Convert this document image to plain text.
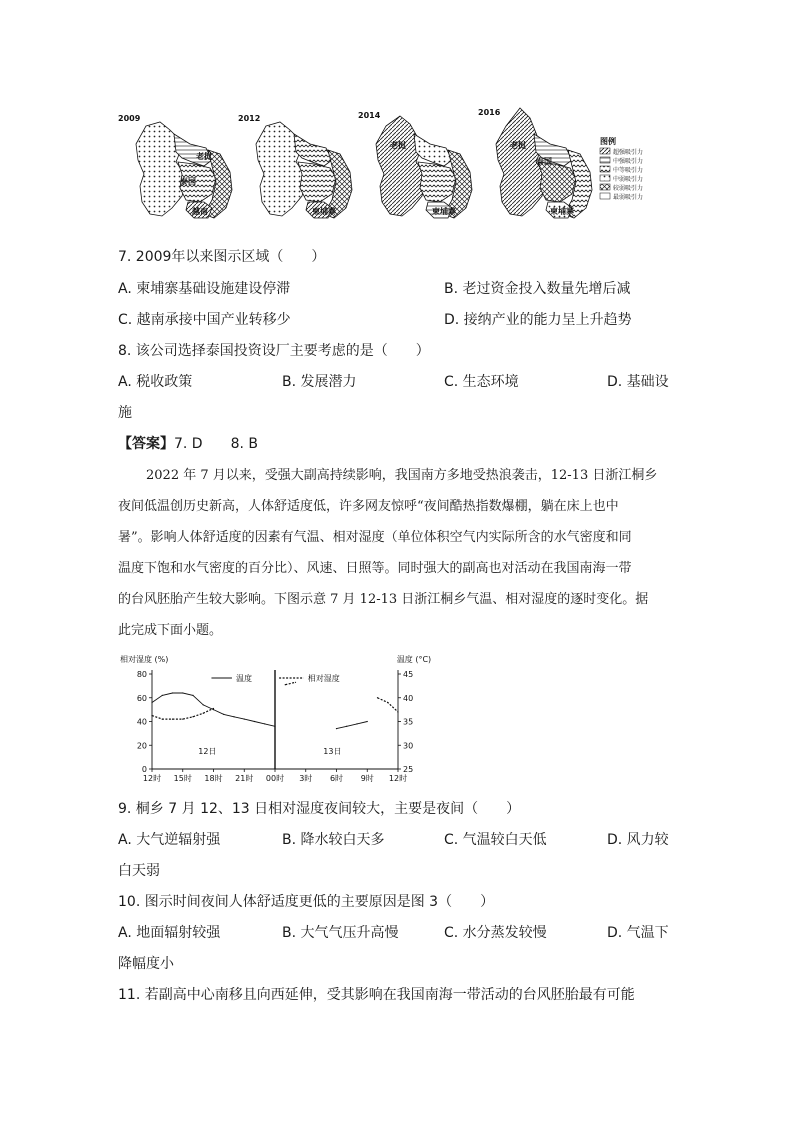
2009
老挝
泰国
越南
2012
柬埔寨
2014
老挝
柬埔寨
2016
老挝
泰国
柬埔寨
图例
超强吸引力
中强吸引力
中等吸引力
中弱吸引力
较弱吸引力
最弱吸引力
7. 2009年以来图示区域（　　）
A. 柬埔寨基础设施建设停滞	B. 老过资金投入数量先增后减
C. 越南承接中国产业转移少	D. 接纳产业的能力呈上升趋势
8. 该公司选择泰国投资设厂主要考虑的是（　　）
A. 税收政策	B. 发展潜力	C. 生态环境	D. 基础设
施
【答案】7. D　　8. B
2022 年 7 月以来，受强大副高持续影响，我国南方多地受热浪袭击，12-13 日浙江桐乡
夜间低温创历史新高，人体舒适度低，许多网友惊呼“夜间酷热指数爆棚，躺在床上也中
暑”。影响人体舒适度的因素有气温、相对湿度（单位体积空气内实际所含的水气密度和同
温度下饱和水气密度的百分比）、风速、日照等。同时强大的副高也对活动在我国南海一带
的台风胚胎产生较大影响。下图示意 7 月 12-13 日浙江桐乡气温、相对湿度的逐时变化。据
此完成下面小题。
相对湿度 (%)	温度 (°C)
0
20
40
60
80
25
30
35
40
45
12时 15时 18时 21时 00时 3时 6时 9时 12时
12日	13日
温度	相对湿度
9. 桐乡 7 月 12、13 日相对湿度夜间较大，主要是夜间（　　）
A. 大气逆辐射强	B. 降水较白天多	C. 气温较白天低	D. 风力较
白天弱
10. 图示时间夜间人体舒适度更低的主要原因是图 3（　　）
A. 地面辐射较强	B. 大气气压升高慢	C. 水分蒸发较慢	D. 气温下
降幅度小
11. 若副高中心南移且向西延伸，受其影响在我国南海一带活动的台风胚胎最有可能
